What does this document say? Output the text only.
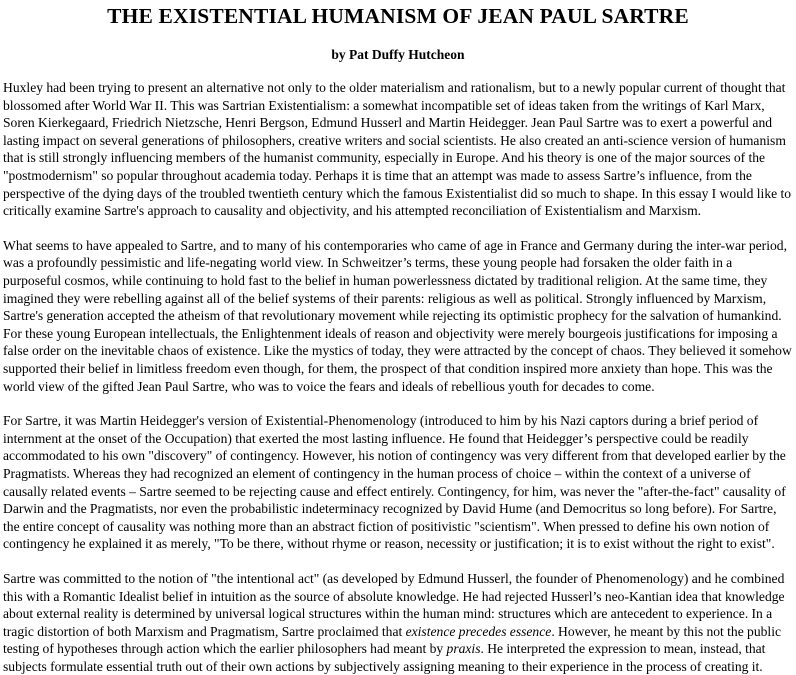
THE EXISTENTIAL HUMANISM OF JEAN PAUL SARTRE
by Pat Duffy Hutcheon

Huxley had been trying to present an alternative not only to the older materialism and rationalism, but to a newly popular current of thought that blossomed after World War II. This was Sartrian Existentialism: a somewhat incompatible set of ideas taken from the writings of Karl Marx, Soren Kierkegaard, Friedrich Nietzsche, Henri Bergson, Edmund Husserl and Martin Heidegger. Jean Paul Sartre was to exert a powerful and lasting impact on several generations of philosophers, creative writers and social scientists. He also created an anti-science version of humanism that is still strongly influencing members of the humanist community, especially in Europe. And his theory is one of the major sources of the "postmodernism" so popular throughout academia today. Perhaps it is time that an attempt was made to assess Sartre’s influence, from the perspective of the dying days of the troubled twentieth century which the famous Existentialist did so much to shape. In this essay I would like to critically examine Sartre's approach to causality and objectivity, and his attempted reconciliation of Existentialism and Marxism.

What seems to have appealed to Sartre, and to many of his contemporaries who came of age in France and Germany during the inter-war period, was a profoundly pessimistic and life-negating world view. In Schweitzer’s terms, these young people had forsaken the older faith in a purposeful cosmos, while continuing to hold fast to the belief in human powerlessness dictated by traditional religion. At the same time, they imagined they were rebelling against all of the belief systems of their parents: religious as well as political. Strongly influenced by Marxism, Sartre's generation accepted the atheism of that revolutionary movement while rejecting its optimistic prophecy for the salvation of humankind. For these young European intellectuals, the Enlightenment ideals of reason and objectivity were merely bourgeois justifications for imposing a false order on the inevitable chaos of existence. Like the mystics of today, they were attracted by the concept of chaos. They believed it somehow supported their belief in limitless freedom even though, for them, the prospect of that condition inspired more anxiety than hope. This was the world view of the gifted Jean Paul Sartre, who was to voice the fears and ideals of rebellious youth for decades to come.

For Sartre, it was Martin Heidegger's version of Existential-Phenomenology (introduced to him by his Nazi captors during a brief period of internment at the onset of the Occupation) that exerted the most lasting influence. He found that Heidegger’s perspective could be readily accommodated to his own "discovery" of contingency. However, his notion of contingency was very different from that developed earlier by the Pragmatists. Whereas they had recognized an element of contingency in the human process of choice – within the context of a universe of causally related events – Sartre seemed to be rejecting cause and effect entirely. Contingency, for him, was never the "after-the-fact" causality of Darwin and the Pragmatists, nor even the probabilistic indeterminacy recognized by David Hume (and Democritus so long before). For Sartre, the entire concept of causality was nothing more than an abstract fiction of positivistic "scientism". When pressed to define his own notion of contingency he explained it as merely, "To be there, without rhyme or reason, necessity or justification; it is to exist without the right to exist".

Sartre was committed to the notion of "the intentional act" (as developed by Edmund Husserl, the founder of Phenomenology) and he combined this with a Romantic Idealist belief in intuition as the source of absolute knowledge. He had rejected Husserl’s neo-Kantian idea that knowledge about external reality is determined by universal logical structures within the human mind: structures which are antecedent to experience. In a tragic distortion of both Marxism and Pragmatism, Sartre proclaimed that existence precedes essence. However, he meant by this not the public testing of hypotheses through action which the earlier philosophers had meant by praxis. He interpreted the expression to mean, instead, that subjects formulate essential truth out of their own actions by subjectively assigning meaning to their experience in the process of creating it.
